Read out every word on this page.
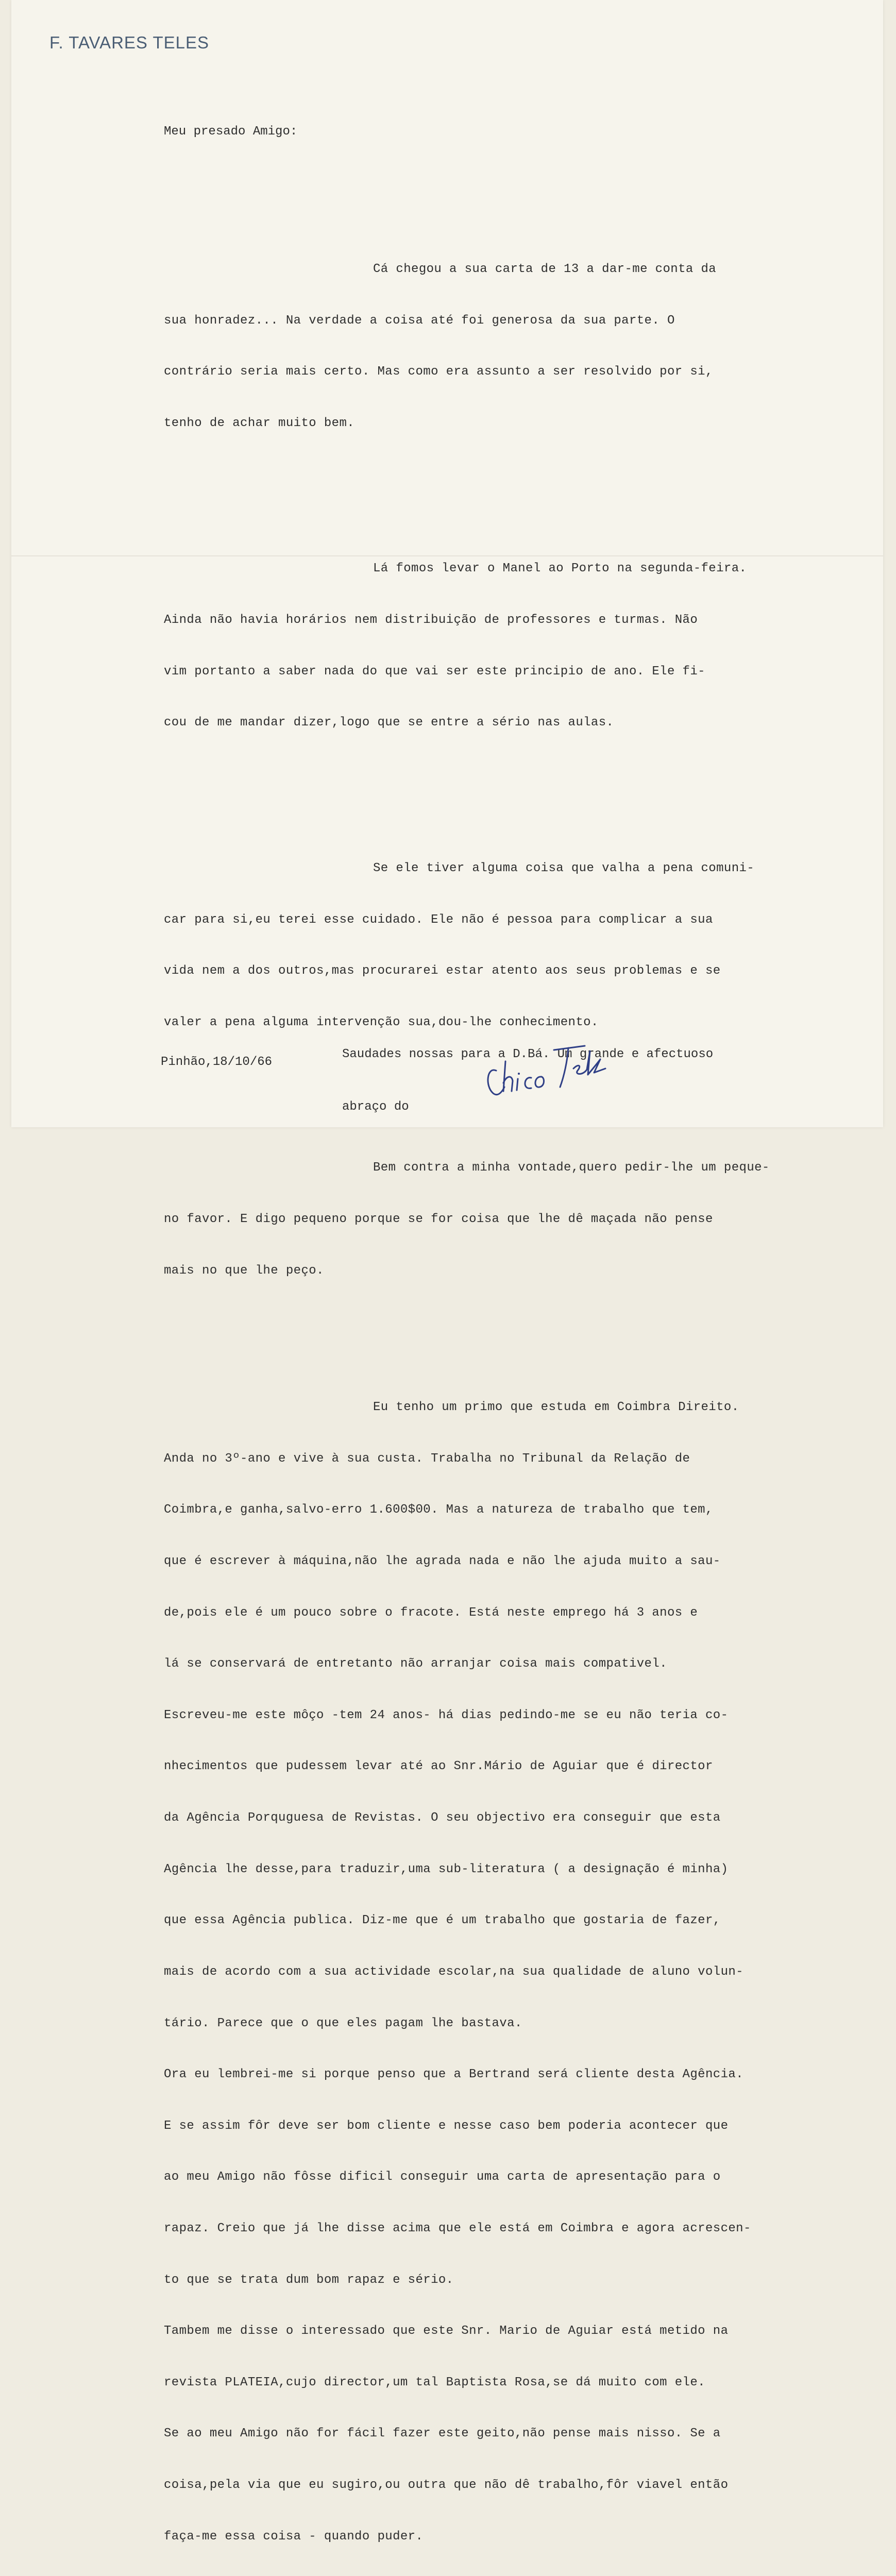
F. TAVARES TELES
Meu presado Amigo:

Cá chegou a sua carta de 13 a dar-me conta da

sua honradez... Na verdade a coisa até foi generosa da sua parte. O

contrário seria mais certo. Mas como era assunto a ser resolvido por si,

tenho de achar muito bem.

Lá fomos levar o Manel ao Porto na segunda-feira.

Ainda não havia horários nem distribuição de professores e turmas. Não

vim portanto a saber nada do que vai ser este principio de ano. Ele fi-

cou de me mandar dizer,logo que se entre a sério nas aulas.

Se ele tiver alguma coisa que valha a pena comuni-

car para si,eu terei esse cuidado. Ele não é pessoa para complicar a sua

vida nem a dos outros,mas procurarei estar atento aos seus problemas e se

valer a pena alguma intervenção sua,dou-lhe conhecimento.

Bem contra a minha vontade,quero pedir-lhe um peque-

no favor. E digo pequeno porque se for coisa que lhe dê maçada não pense

mais no que lhe peço.

Eu tenho um primo que estuda em Coimbra Direito.

Anda no 3º-ano e vive à sua custa. Trabalha no Tribunal da Relação de

Coimbra,e ganha,salvo-erro 1.600$00. Mas a natureza de trabalho que tem,

que é escrever à máquina,não lhe agrada nada e não lhe ajuda muito a sau-

de,pois ele é um pouco sobre o fracote. Está neste emprego há 3 anos e

lá se conservará de entretanto não arranjar coisa mais compativel.

Escreveu-me este môço -tem 24 anos- há dias pedindo-me se eu não teria co-

nhecimentos que pudessem levar até ao Snr.Mário de Aguiar que é director

da Agência Porquguesa de Revistas. O seu objectivo era conseguir que esta

Agência lhe desse,para traduzir,uma sub-literatura ( a designação é minha)

que essa Agência publica. Diz-me que é um trabalho que gostaria de fazer,

mais de acordo com a sua actividade escolar,na sua qualidade de aluno volun-

tário. Parece que o que eles pagam lhe bastava.

Ora eu lembrei-me si porque penso que a Bertrand será cliente desta Agência.

E se assim fôr deve ser bom cliente e nesse caso bem poderia acontecer que

ao meu Amigo não fôsse dificil conseguir uma carta de apresentação para o

rapaz. Creio que já lhe disse acima que ele está em Coimbra e agora acrescen-

to que se trata dum bom rapaz e sério.

Tambem me disse o interessado que este Snr. Mario de Aguiar está metido na

revista PLATEIA,cujo director,um tal Baptista Rosa,se dá muito com ele.

Se ao meu Amigo não for fácil fazer este geito,não pense mais nisso. Se a

coisa,pela via que eu sugiro,ou outra que não dê trabalho,fôr viavel então

faça-me essa coisa - quando puder.

Saudades nossas para a D.Bá. Um grande e afectuoso

abraço do

Pinhão,18/10/66
